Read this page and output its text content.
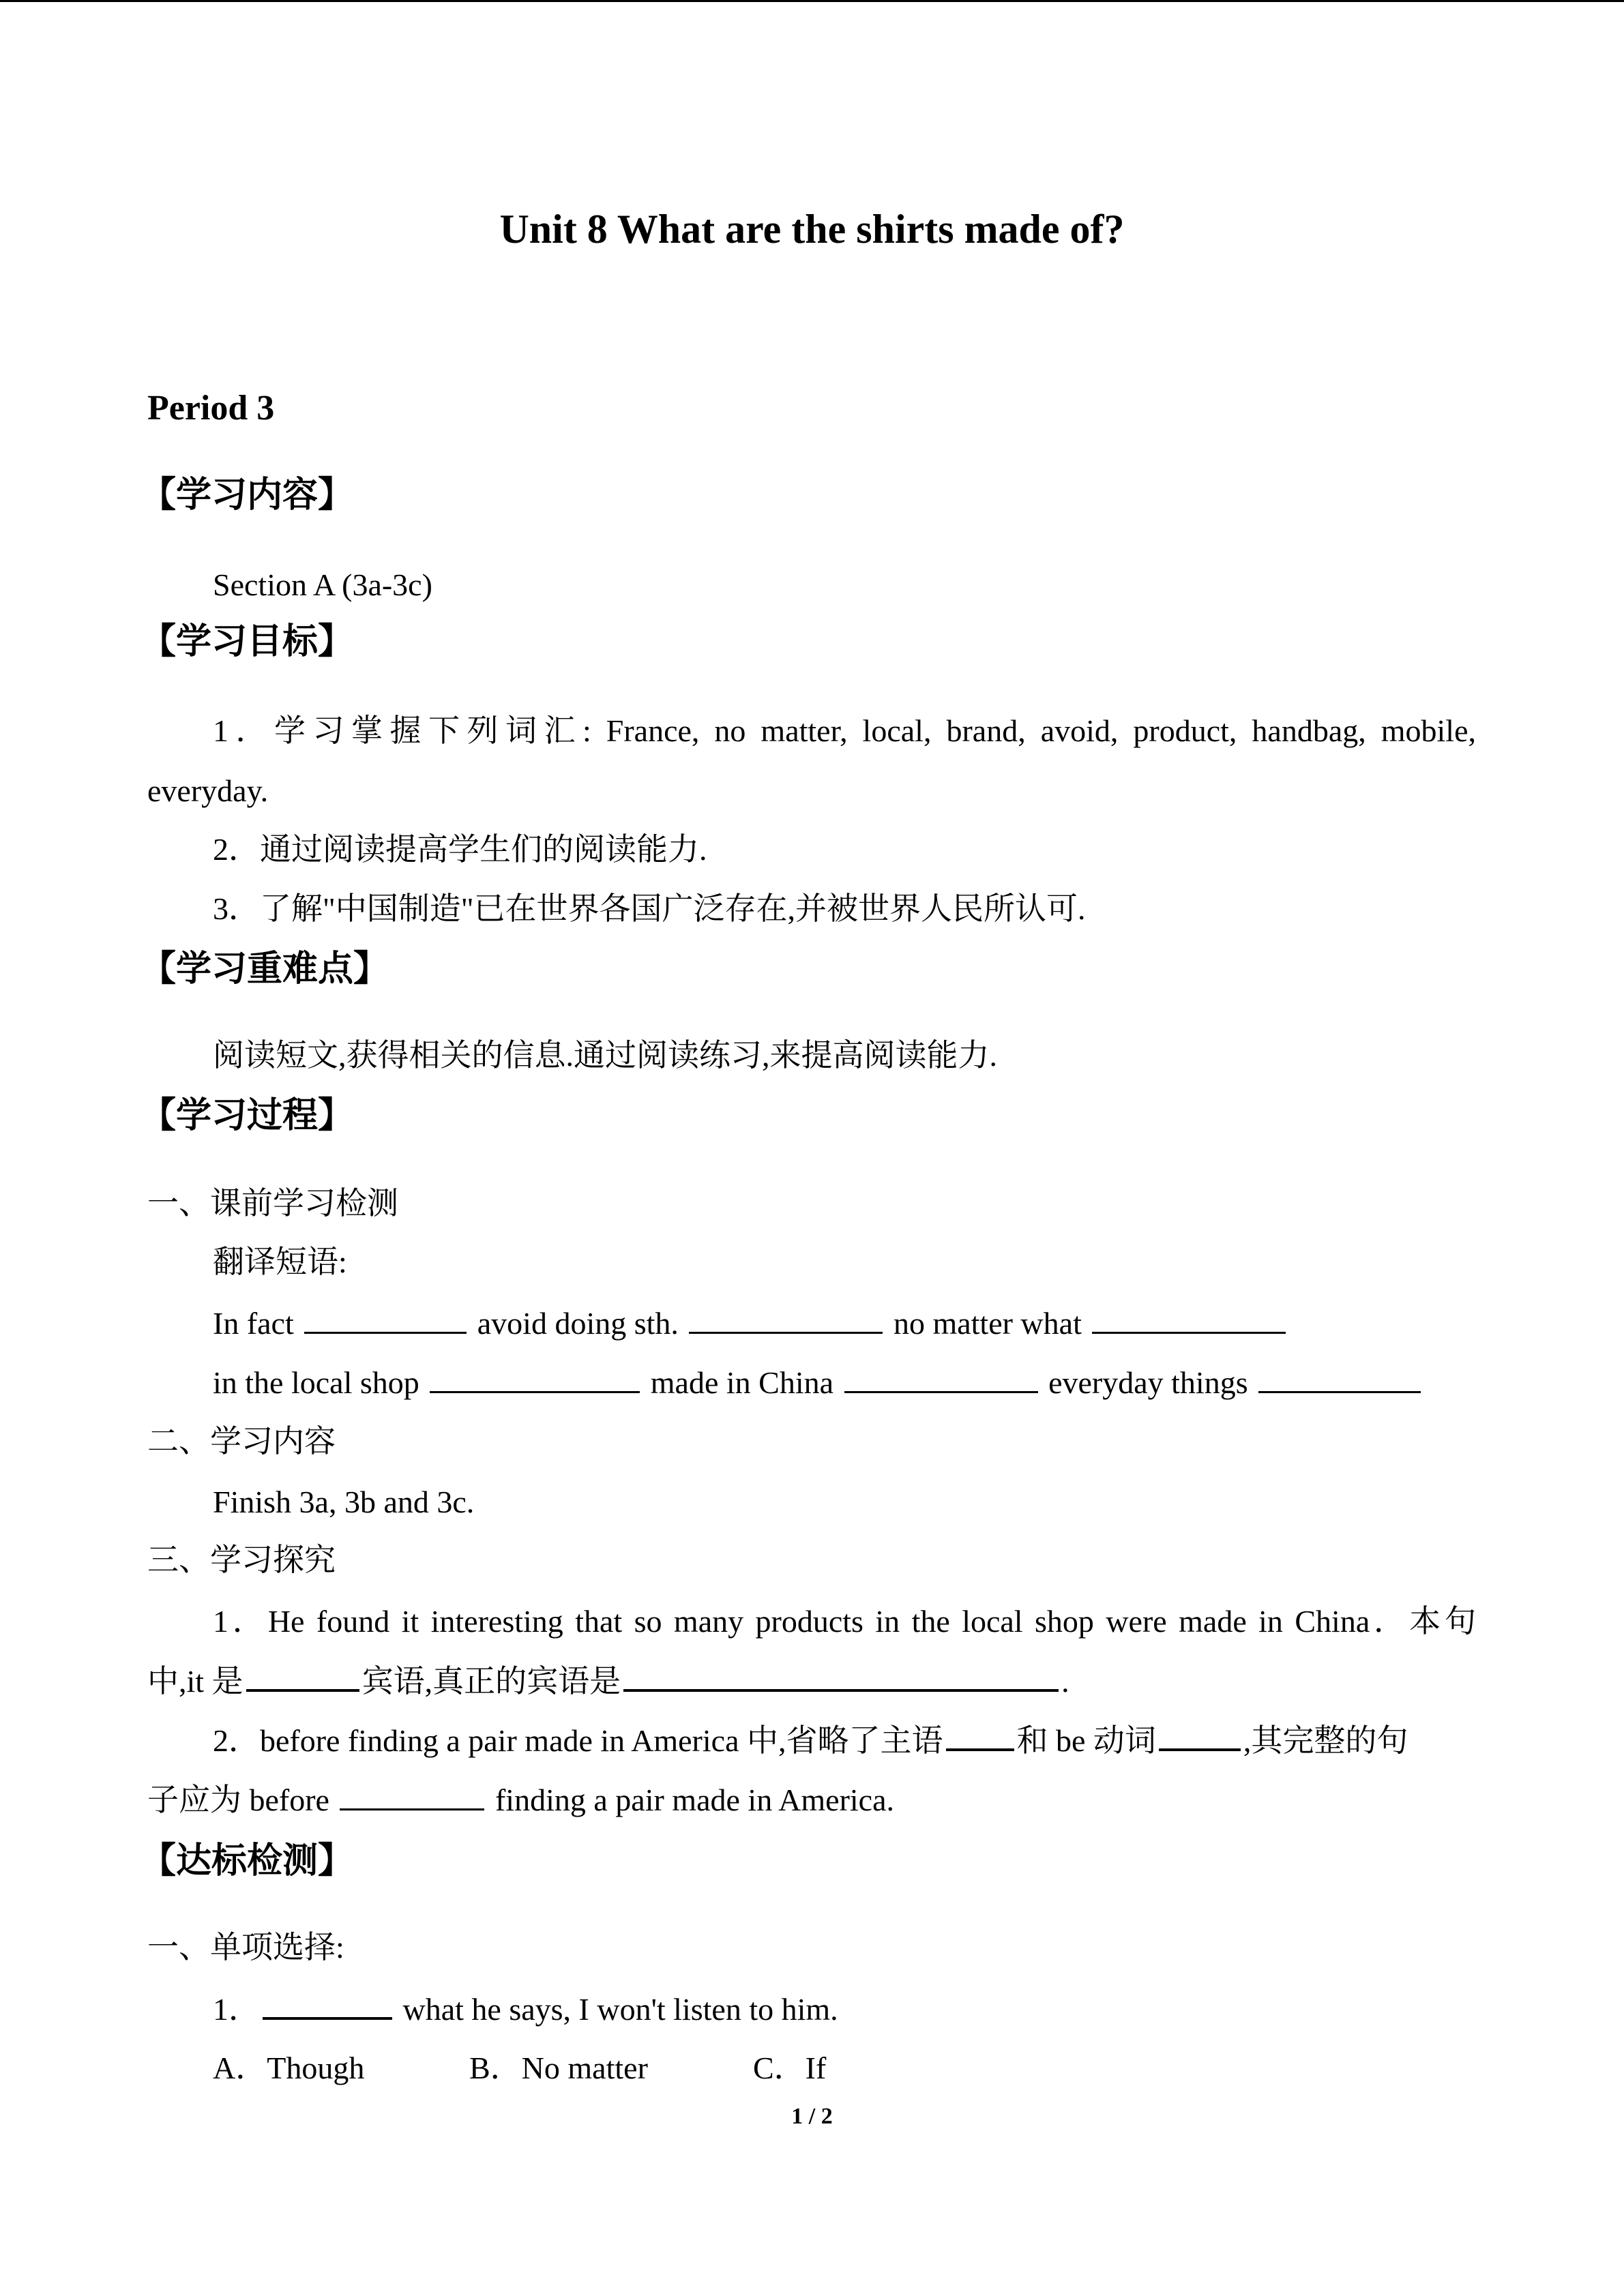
Unit 8 What are the shirts made of?
Period 3
【学习内容】
Section A (3a-3c)
【学习目标】
1．学习掌握下列词汇: France, no matter, local, brand, avoid, product, handbag, mobile,
everyday.
2．通过阅读提高学生们的阅读能力.
3．了解"中国制造"已在世界各国广泛存在,并被世界人民所认可.
【学习重难点】
阅读短文,获得相关的信息.通过阅读练习,来提高阅读能力.
【学习过程】
一、课前学习检测
翻译短语:
In fact	avoid doing sth.	no matter what
in the local shop	made in China	everyday things
二、学习内容
Finish 3a, 3b and 3c.
三、学习探究
1．He found it interesting that so many products in the local shop were made in China．本句
中,it 是	宾语,真正的宾语是	.
2．before finding a pair made in America 中,省略了主语 和 be 动词	,其完整的句
子应为 before	finding a pair made in America.
【达标检测】
一、单项选择:
1．	what he says, I won't listen to him.
A．Though	B．No matter	C．If
1 / 2
